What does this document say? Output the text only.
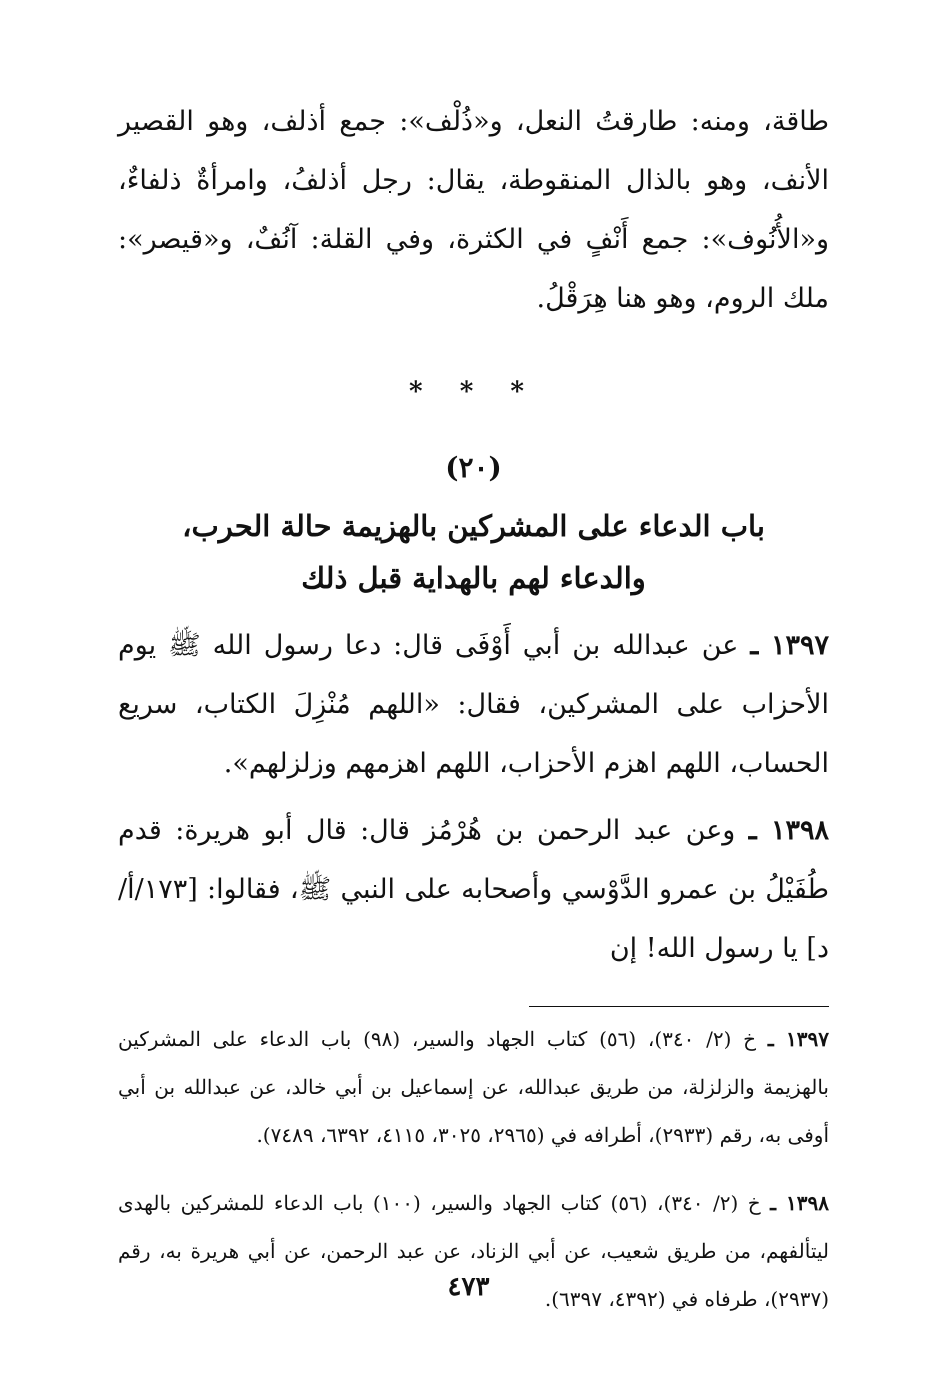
طاقة، ومنه: طارقتُ النعل، و«ذُلْف»: جمع أذلف، وهو القصير الأنف، وهو بالذال المنقوطة، يقال: رجل أذلفُ، وامرأةٌ ذلفاءٌ، و«الأُنُوف»: جمع أَنْفٍ في الكثرة، وفي القلة: آنُفٌ، و«قيصر»: ملك الروم، وهو هنا هِرَقْلُ.

* * *
(٢٠)
باب الدعاء على المشركين بالهزيمة حالة الحرب،
والدعاء لهم بالهداية قبل ذلك

١٣٩٧ ـ عن عبدالله بن أبي أَوْفَى قال: دعا رسول الله ﷺ يوم الأحزاب على المشركين، فقال: «اللهم مُنْزِلَ الكتاب، سريع الحساب، اللهم اهزم الأحزاب، اللهم اهزمهم وزلزلهم».

١٣٩٨ ـ وعن عبد الرحمن بن هُرْمُز قال: قال أبو هريرة: قدم طُفَيْلُ بن عمرو الدَّوْسي وأصحابه على النبي ﷺ، فقالوا: [١٧٣/أ/د] يا رسول الله! إن

١٣٩٧ ـ خ (٢/ ٣٤٠)، (٥٦) كتاب الجهاد والسير، (٩٨) باب الدعاء على المشركين بالهزيمة والزلزلة، من طريق عبدالله، عن إسماعيل بن أبي خالد، عن عبدالله بن أبي أوفى به، رقم (٢٩٣٣)، أطرافه في (٢٩٦٥، ٣٠٢٥، ٤١١٥، ٦٣٩٢، ٧٤٨٩).

١٣٩٨ ـ خ (٢/ ٣٤٠)، (٥٦) كتاب الجهاد والسير، (١٠٠) باب الدعاء للمشركين بالهدى ليتألفهم، من طريق شعيب، عن أبي الزناد، عن عبد الرحمن، عن أبي هريرة به، رقم (٢٩٣٧)، طرفاه في (٤٣٩٢، ٦٣٩٧).

٤٧٣
